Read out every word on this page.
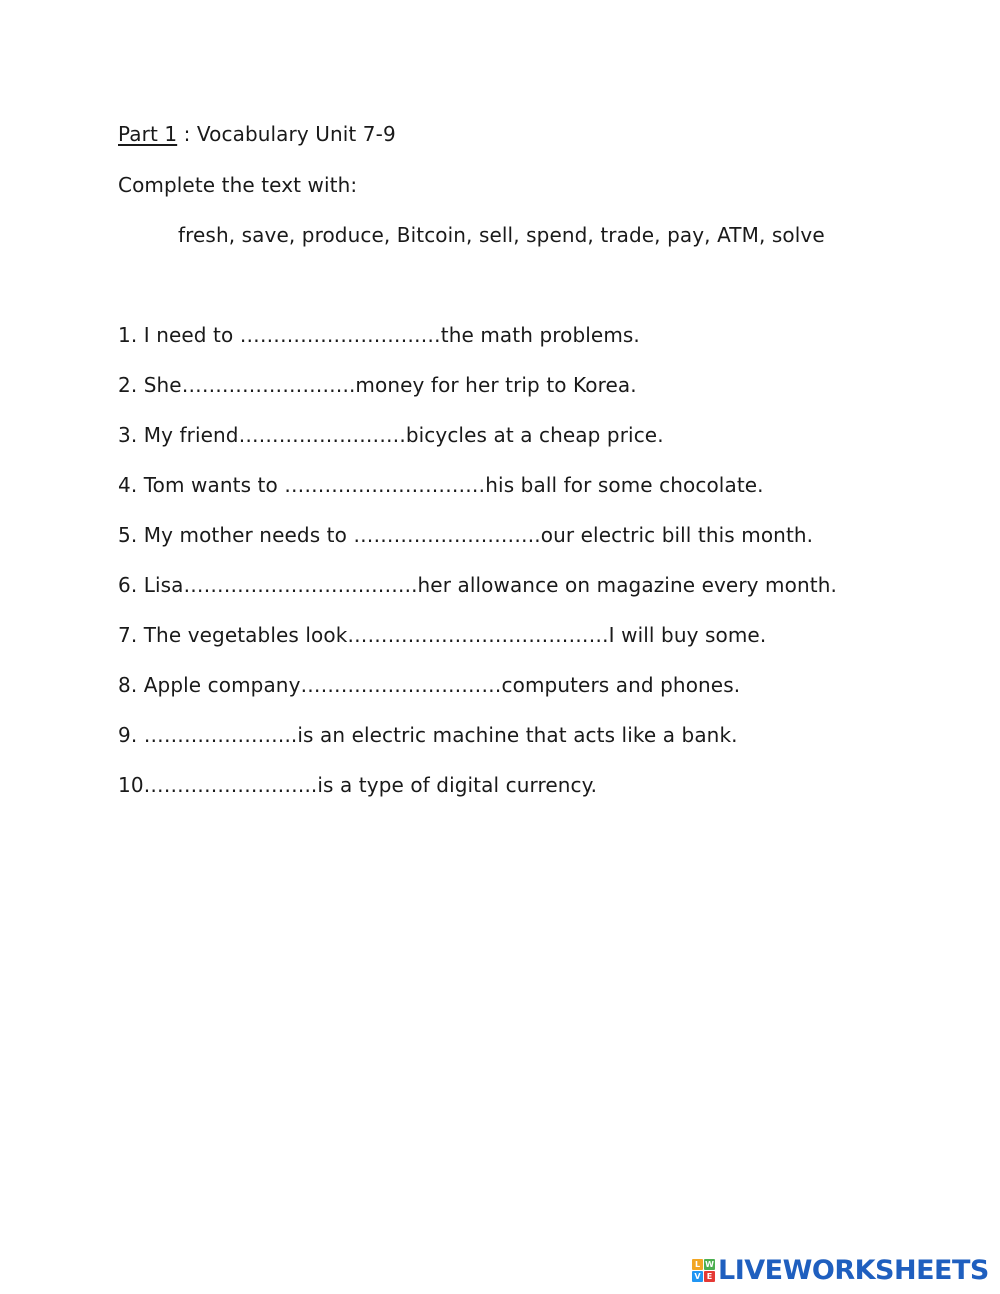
Part 1 : Vocabulary Unit 7-9
Complete the text with:
fresh, save, produce, Bitcoin, sell, spend, trade, pay, ATM, solve
1. I need to …………………………the math problems.
2. She……………………..money for her trip to Korea.
3. My friend…………………….bicycles at a cheap price.
4. Tom wants to …………………………his ball for some chocolate.
5. My mother needs to ……………………….our electric bill this month.
6. Lisa……………………………..her allowance on magazine every month.
7. The vegetables look…………………………………I will buy some.
8. Apple company…………………………computers and phones.
9. …………………..is an electric machine that acts like a bank.
10……………………..is a type of digital currency.
L W
V E LIVEWORKSHEETS
